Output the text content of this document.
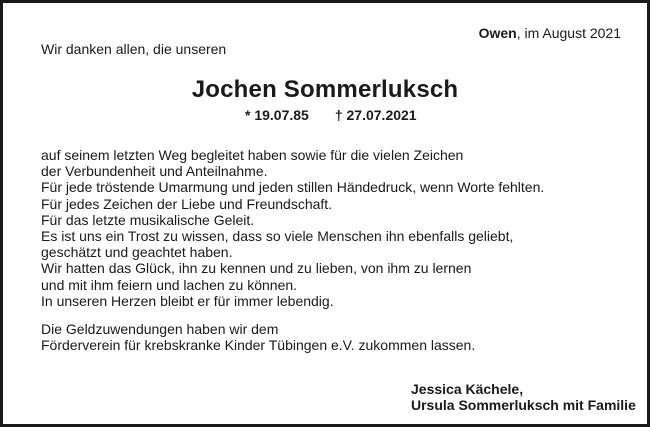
Owen, im August 2021
Wir danken allen, die unseren
Jochen Sommerluksch
* 19.07.85 † 27.07.2021
auf seinem letzten Weg begleitet haben sowie für die vielen Zeichen
der Verbundenheit und Anteilnahme.
Für jede tröstende Umarmung und jeden stillen Händedruck, wenn Worte fehlten.
Für jedes Zeichen der Liebe und Freundschaft.
Für das letzte musikalische Geleit.
Es ist uns ein Trost zu wissen, dass so viele Menschen ihn ebenfalls geliebt,
geschätzt und geachtet haben.
Wir hatten das Glück, ihn zu kennen und zu lieben, von ihm zu lernen
und mit ihm feiern und lachen zu können.
In unseren Herzen bleibt er für immer lebendig.
Die Geldzuwendungen haben wir dem
Förderverein für krebskranke Kinder Tübingen e.V. zukommen lassen.
Jessica Kächele,
Ursula Sommerluksch mit Familie
